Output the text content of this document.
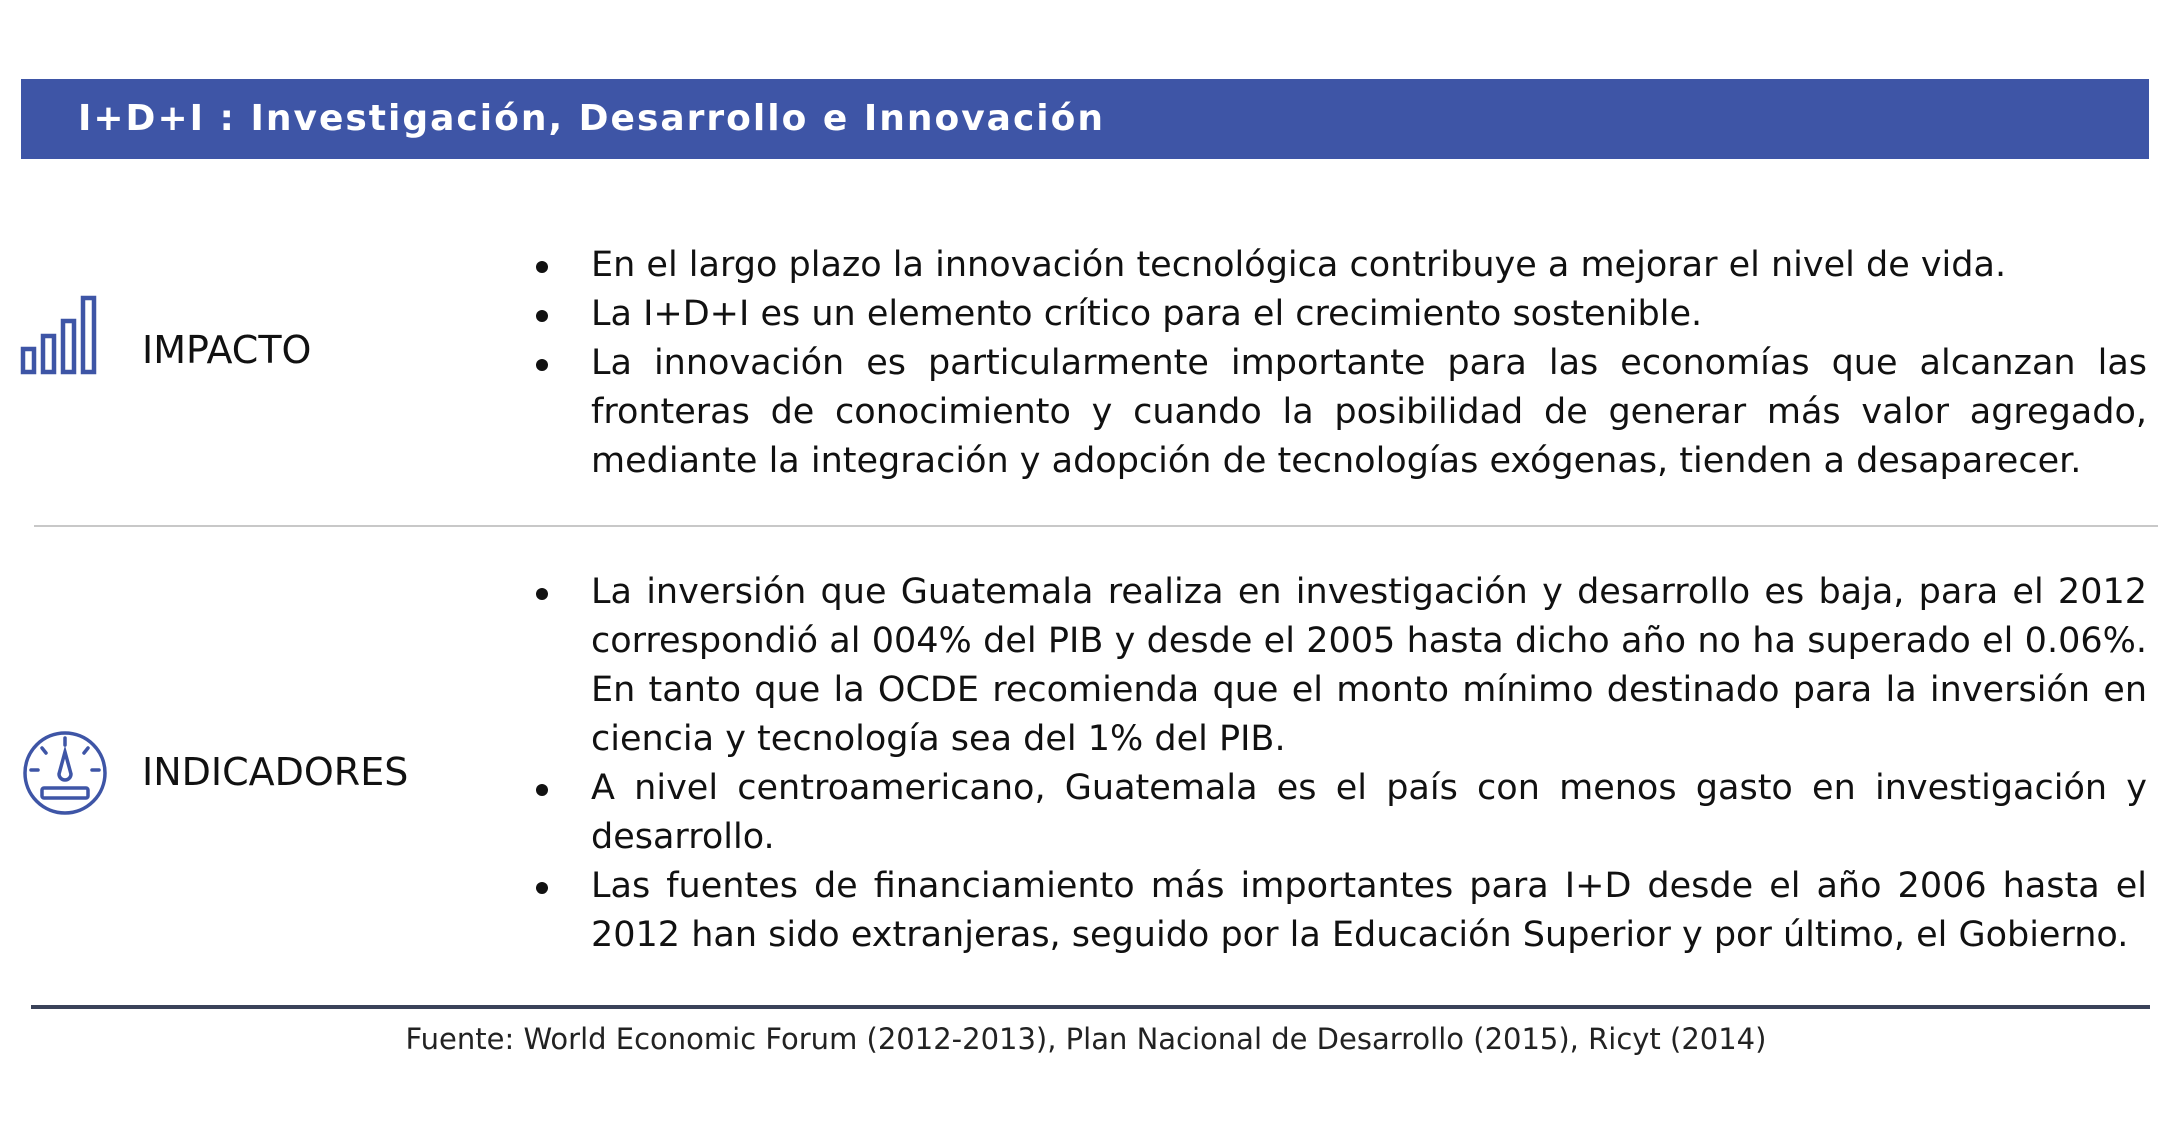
I+D+I : Investigación, Desarrollo e Innovación
IMPACTO
En el largo plazo la innovación tecnológica contribuye a mejorar el nivel de vida.
La I+D+I es un elemento crítico para el crecimiento sostenible.
La innovación es particularmente importante para las economías que alcanzan las fronteras de conocimiento y cuando la posibilidad de generar más valor agregado, mediante la integración y adopción de tecnologías exógenas, tienden a desaparecer.
INDICADORES
La inversión que Guatemala realiza en investigación y desarrollo es baja, para el 2012 correspondió al 004% del PIB y desde el 2005 hasta dicho año no ha superado el 0.06%. En tanto que la OCDE recomienda que el monto mínimo destinado para la inversión en ciencia y tecnología sea del 1% del PIB.
A nivel centroamericano, Guatemala es el país con menos gasto en investigación y desarrollo.
Las fuentes de financiamiento más importantes para I+D desde el año 2006 hasta el 2012 han sido extranjeras, seguido por la Educación Superior y por último, el Gobierno.
Fuente: World Economic Forum (2012-2013), Plan Nacional de Desarrollo (2015), Ricyt (2014)
